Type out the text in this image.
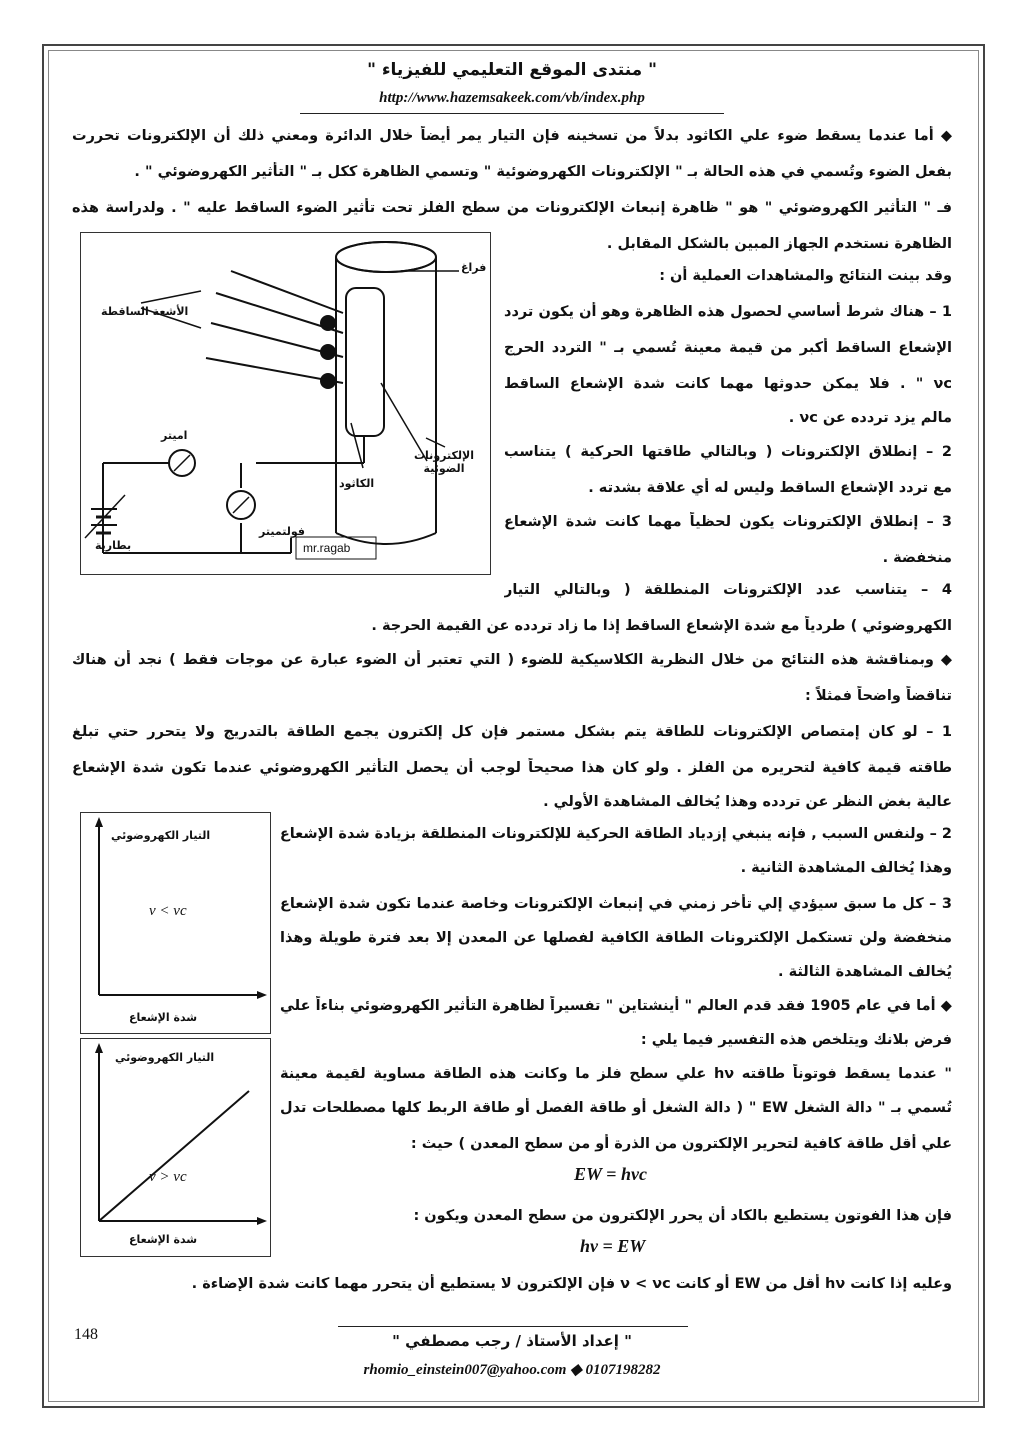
" منتدى الموقع التعليمي للفيزياء "
http://www.hazemsakeek.com/vb/index.php
◆ أما عندما يسقط ضوء علي الكاثود بدلاً من تسخينه فإن التيار يمر أيضاً خلال الدائرة ومعني ذلك أن الإلكترونات تحررت
بفعل الضوء وتُسمي في هذه الحالة بـ " الإلكترونات الكهروضوئية " وتسمي الظاهرة ككل بـ " التأثير الكهروضوئي " .
فـ " التأثير الكهروضوئي " هو " ظاهرة إنبعاث الإلكترونات من سطح الفلز تحت تأثير الضوء الساقط عليه " . ولدراسة هذه
الظاهرة نستخدم الجهاز المبين بالشكل المقابل .
وقد بينت النتائج والمشاهدات العملية أن :
1 – هناك شرط أساسي لحصول هذه الظاهرة وهو أن يكون تردد
الإشعاع الساقط أكبر من قيمة معينة تُسمي بـ " التردد الحرج
νc " . فلا يمكن حدوثها مهما كانت شدة الإشعاع الساقط
مالم يزد تردده عن νc .
2 – إنطلاق الإلكترونات ( وبالتالي طاقتها الحركية ) يتناسب
مع تردد الإشعاع الساقط وليس له أي علاقة بشدته .
3 – إنطلاق الإلكترونات يكون لحظياً مهما كانت شدة الإشعاع
منخفضة .
4 – يتناسب عدد الإلكترونات المنطلقة ( وبالتالي التيار
الكهروضوئي ) طردياً مع شدة الإشعاع الساقط إذا ما زاد تردده عن القيمة الحرجة .
◆ وبمناقشة هذه النتائج من خلال النظرية الكلاسيكية للضوء ( التي تعتبر أن الضوء عبارة عن موجات فقط ) نجد أن هناك
تناقضاً واضحاً فمثلاً :
1 – لو كان إمتصاص الإلكترونات للطاقة يتم بشكل مستمر فإن كل إلكترون يجمع الطاقة بالتدريج ولا يتحرر حتي تبلغ
طاقته قيمة كافية لتحريره من الفلز . ولو كان هذا صحيحاً لوجب أن يحصل التأثير الكهروضوئي عندما تكون شدة الإشعاع
عالية بغض النظر عن تردده وهذا يُخالف المشاهدة الأولي .
2 – ولنفس السبب , فإنه ينبغي إزدياد الطاقة الحركية للإلكترونات المنطلقة بزيادة شدة الإشعاع
وهذا يُخالف المشاهدة الثانية .
3 – كل ما سبق سيؤدي إلي تأخر زمني في إنبعاث الإلكترونات وخاصة عندما تكون شدة الإشعاع
منخفضة ولن تستكمل الإلكترونات الطاقة الكافية لفصلها عن المعدن إلا بعد فترة طويلة وهذا
يُخالف المشاهدة الثالثة .
◆ أما في عام 1905 فقد قدم العالم " أينشتاين " تفسيراً لظاهرة التأثير الكهروضوئي بناءاً علي
فرض بلانك ويتلخص هذه التفسير فيما يلي :
" عندما يسقط فوتوناً طاقته hν علي سطح فلز ما وكانت هذه الطاقة مساوية لقيمة معينة
تُسمي بـ " دالة الشغل EW " ( دالة الشغل أو طاقة الفصل أو طاقة الربط كلها مصطلحات تدل
علي أقل طاقة كافية لتحرير الإلكترون من الذرة أو من سطح المعدن ) حيث :
EW = hνc
فإن هذا الفوتون يستطيع بالكاد أن يحرر الإلكترون من سطح المعدن ويكون :
hν = EW
وعليه إذا كانت hν أقل من EW أو كانت ν < νc فإن الإلكترون لا يستطيع أن يتحرر مهما كانت شدة الإضاءة .
فراغ
الأشعة الساقطة
اميتر
الإلكترونات الضوئية
الكاثود
فولتميتر
بطارية	mr.ragab
التيار الكهروضوئي
ν < νc
شدة الإشعاع
التيار الكهروضوئي
ν > νc
شدة الإشعاع
" إعداد الأستاذ / رجب مصطفي "
rhomio_einstein007@yahoo.com ◆ 0107198282
148
